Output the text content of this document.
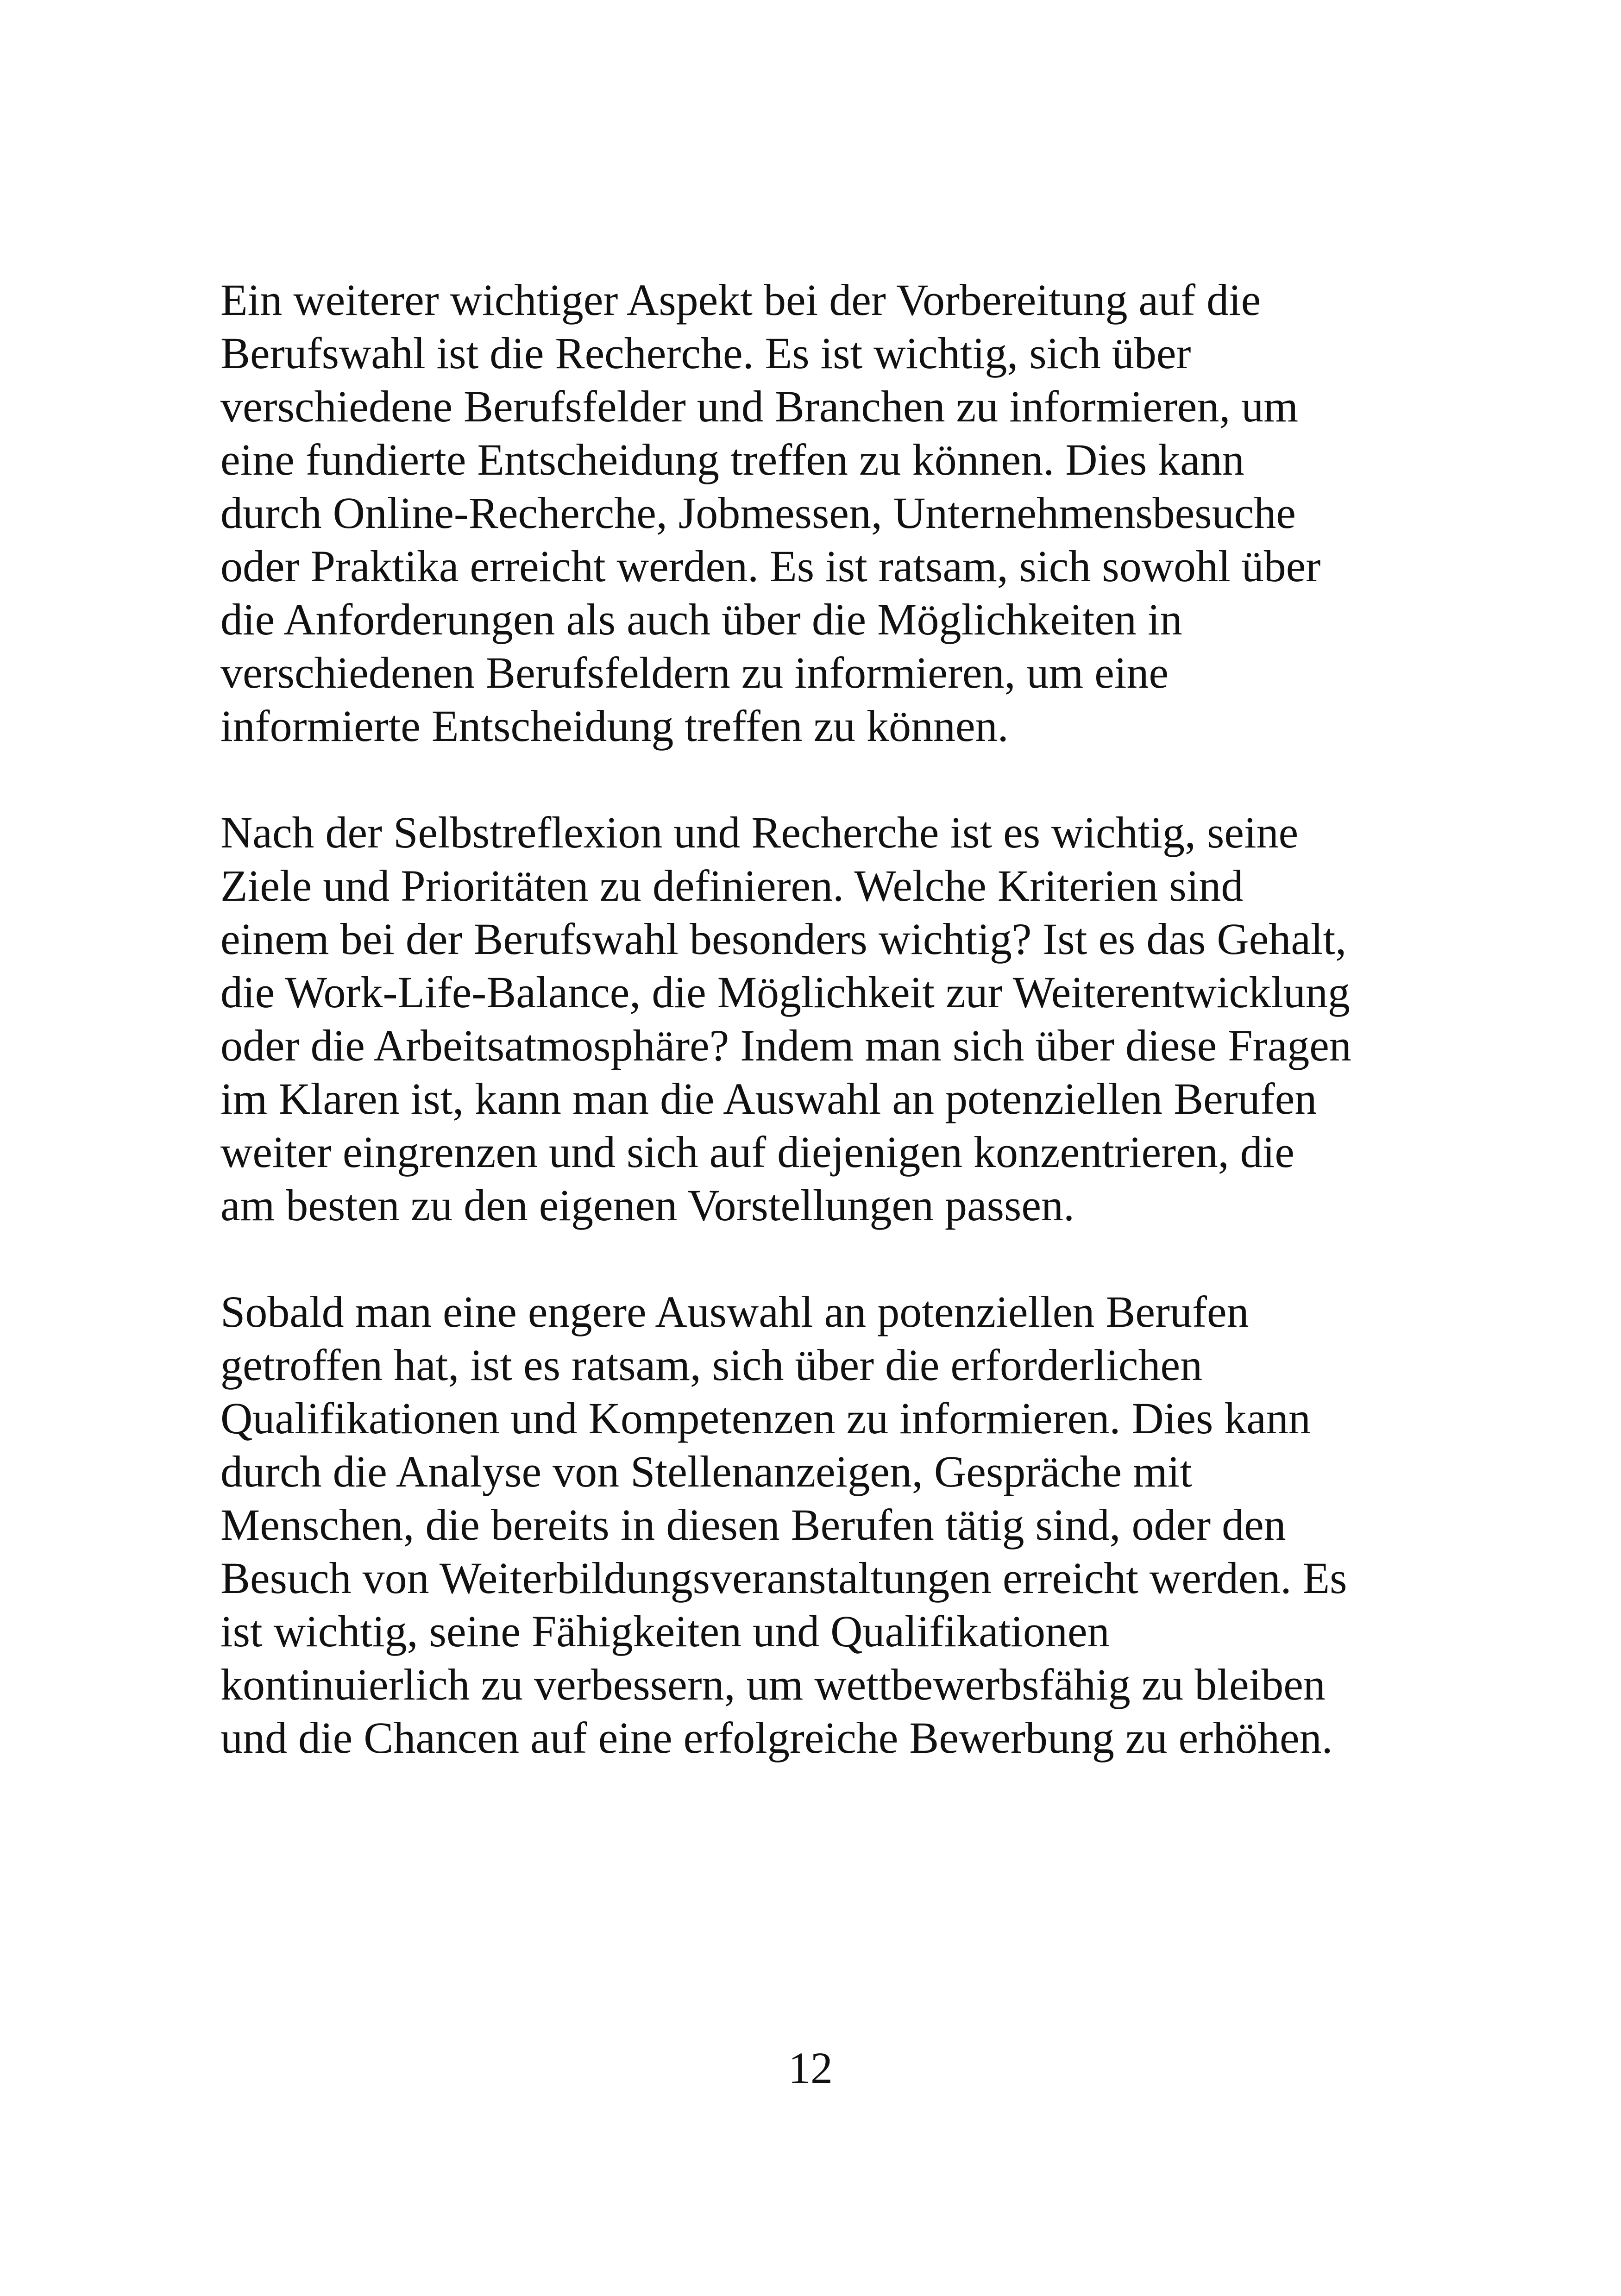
Ein weiterer wichtiger Aspekt bei der Vorbereitung auf die
Berufswahl ist die Recherche. Es ist wichtig, sich über
verschiedene Berufsfelder und Branchen zu informieren, um
eine fundierte Entscheidung treffen zu können. Dies kann
durch Online-Recherche, Jobmessen, Unternehmensbesuche
oder Praktika erreicht werden. Es ist ratsam, sich sowohl über
die Anforderungen als auch über die Möglichkeiten in
verschiedenen Berufsfeldern zu informieren, um eine
informierte Entscheidung treffen zu können.

Nach der Selbstreflexion und Recherche ist es wichtig, seine
Ziele und Prioritäten zu definieren. Welche Kriterien sind
einem bei der Berufswahl besonders wichtig? Ist es das Gehalt,
die Work-Life-Balance, die Möglichkeit zur Weiterentwicklung
oder die Arbeitsatmosphäre? Indem man sich über diese Fragen
im Klaren ist, kann man die Auswahl an potenziellen Berufen
weiter eingrenzen und sich auf diejenigen konzentrieren, die
am besten zu den eigenen Vorstellungen passen.

Sobald man eine engere Auswahl an potenziellen Berufen
getroffen hat, ist es ratsam, sich über die erforderlichen
Qualifikationen und Kompetenzen zu informieren. Dies kann
durch die Analyse von Stellenanzeigen, Gespräche mit
Menschen, die bereits in diesen Berufen tätig sind, oder den
Besuch von Weiterbildungsveranstaltungen erreicht werden. Es
ist wichtig, seine Fähigkeiten und Qualifikationen
kontinuierlich zu verbessern, um wettbewerbsfähig zu bleiben
und die Chancen auf eine erfolgreiche Bewerbung zu erhöhen.

12
